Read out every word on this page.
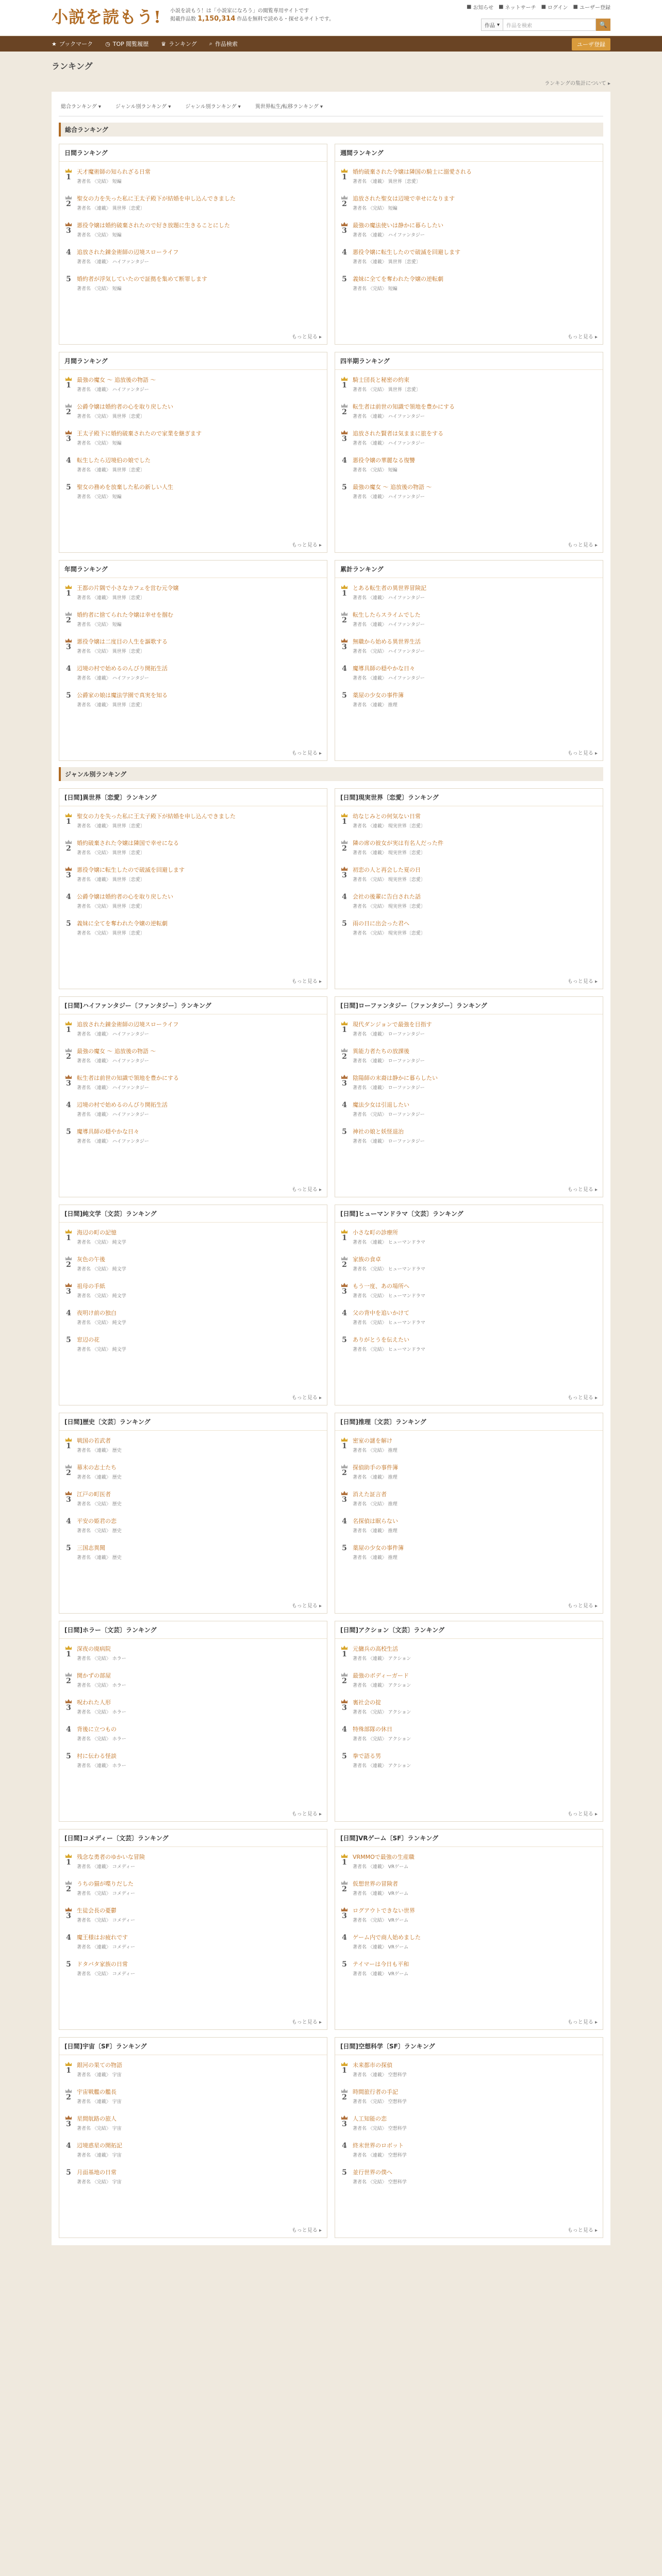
小説を読もう! 小説を読もう！は「小説家になろう」の閲覧専用サイトです
掲載作品数 1,150,314 作品を無料で読める・探せるサイトです。
■ お知らせ ■ ネットサーチ ■ ログイン ■ ユーザー登録
作品 ▾	作品を検索	🔍
★ ブックマーク ◷ TOP 閲覧履歴 ♛ ランキング ⌕ 作品検索	ユーザ登録
ランキング
ランキングの集計について ▸
総合ランキング ▾	ジャンル別ランキング ▾	ジャンル別ランキング ▾	異世界転生/転移ランキング ▾
総合ランキング
日間ランキング
1
天才魔術師の知られざる日常
著者名 〈完結〉 短編
2
聖女の力を失った私に王太子殿下が結婚を申し込んできました
著者名 〈連載〉 異世界〔恋愛〕
3
悪役令嬢は婚約破棄されたので好き放題に生きることにした
著者名 〈完結〉 短編
4 追放された錬金術師の辺境スローライフ
著者名 〈連載〉 ハイファンタジー
5 婚約者が浮気していたので証拠を集めて断罪します
著者名 〈完結〉 短編
もっと見る ▸
週間ランキング
1
婚約破棄された令嬢は隣国の騎士に溺愛される
著者名 〈連載〉 異世界〔恋愛〕
2
追放された聖女は辺境で幸せになります
著者名 〈完結〉 短編
3
最強の魔法使いは静かに暮らしたい
著者名 〈連載〉 ハイファンタジー
4 悪役令嬢に転生したので破滅を回避します
著者名 〈連載〉 異世界〔恋愛〕
5 義妹に全てを奪われた令嬢の逆転劇
著者名 〈完結〉 短編
もっと見る ▸
月間ランキング
1
最強の魔女 ～ 追放後の物語 ～
著者名 〈連載〉 ハイファンタジー
2
公爵令嬢は婚約者の心を取り戻したい
著者名 〈完結〉 異世界〔恋愛〕
3
王太子殿下に婚約破棄されたので家業を継ぎます
著者名 〈完結〉 短編
4 転生したら辺境伯の娘でした
著者名 〈連載〉 異世界〔恋愛〕
5 聖女の務めを放棄した私の新しい人生
著者名 〈完結〉 短編
もっと見る ▸
四半期ランキング
1
騎士団長と秘密の約束
著者名 〈完結〉 異世界〔恋愛〕
2
転生者は前世の知識で領地を豊かにする
著者名 〈連載〉 ハイファンタジー
3
追放された賢者は気ままに旅をする
著者名 〈連載〉 ハイファンタジー
4 悪役令嬢の華麗なる復讐
著者名 〈完結〉 短編
5 最強の魔女 ～ 追放後の物語 ～
著者名 〈連載〉 ハイファンタジー
もっと見る ▸
年間ランキング
1
王都の片隅で小さなカフェを営む元令嬢
著者名 〈連載〉 異世界〔恋愛〕
2
婚約者に捨てられた令嬢は幸せを掴む
著者名 〈完結〉 短編
3
悪役令嬢は二度目の人生を謳歌する
著者名 〈完結〉 異世界〔恋愛〕
4 辺境の村で始めるのんびり開拓生活
著者名 〈連載〉 ハイファンタジー
5 公爵家の娘は魔法学園で真実を知る
著者名 〈連載〉 異世界〔恋愛〕
もっと見る ▸
累計ランキング
1
とある転生者の異世界冒険記
著者名 〈連載〉 ハイファンタジー
2
転生したらスライムでした
著者名 〈連載〉 ハイファンタジー
3
無職から始める異世界生活
著者名 〈完結〉 ハイファンタジー
4 魔導具師の穏やかな日々
著者名 〈連載〉 ハイファンタジー
5 薬屋の少女の事件簿
著者名 〈連載〉 推理
もっと見る ▸
ジャンル別ランキング
[日間]異世界〔恋愛〕ランキング
1
聖女の力を失った私に王太子殿下が結婚を申し込んできました
著者名 〈連載〉 異世界〔恋愛〕
2
婚約破棄された令嬢は隣国で幸せになる
著者名 〈完結〉 異世界〔恋愛〕
3
悪役令嬢に転生したので破滅を回避します
著者名 〈連載〉 異世界〔恋愛〕
4 公爵令嬢は婚約者の心を取り戻したい
著者名 〈完結〉 異世界〔恋愛〕
5 義妹に全てを奪われた令嬢の逆転劇
著者名 〈完結〉 異世界〔恋愛〕
もっと見る ▸
[日間]現実世界〔恋愛〕ランキング
1
幼なじみとの何気ない日常
著者名 〈連載〉 現実世界〔恋愛〕
2
隣の席の彼女が実は有名人だった件
著者名 〈連載〉 現実世界〔恋愛〕
3
初恋の人と再会した夏の日
著者名 〈完結〉 現実世界〔恋愛〕
4 会社の後輩に告白された話
著者名 〈完結〉 現実世界〔恋愛〕
5 雨の日に出会った君へ
著者名 〈完結〉 現実世界〔恋愛〕
もっと見る ▸
[日間]ハイファンタジー〔ファンタジー〕ランキング
1
追放された錬金術師の辺境スローライフ
著者名 〈連載〉 ハイファンタジー
2
最強の魔女 ～ 追放後の物語 ～
著者名 〈連載〉 ハイファンタジー
3
転生者は前世の知識で領地を豊かにする
著者名 〈連載〉 ハイファンタジー
4 辺境の村で始めるのんびり開拓生活
著者名 〈連載〉 ハイファンタジー
5 魔導具師の穏やかな日々
著者名 〈連載〉 ハイファンタジー
もっと見る ▸
[日間]ローファンタジー〔ファンタジー〕ランキング
1
現代ダンジョンで最強を目指す
著者名 〈連載〉 ローファンタジー
2
異能力者たちの放課後
著者名 〈連載〉 ローファンタジー
3
陰陽師の末裔は静かに暮らしたい
著者名 〈連載〉 ローファンタジー
4 魔法少女は引退したい
著者名 〈完結〉 ローファンタジー
5 神社の娘と妖怪退治
著者名 〈連載〉 ローファンタジー
もっと見る ▸
[日間]純文学〔文芸〕ランキング
1
海辺の町の記憶
著者名 〈完結〉 純文学
2
灰色の午後
著者名 〈完結〉 純文学
3
祖母の手紙
著者名 〈完結〉 純文学
4 夜明け前の独白
著者名 〈完結〉 純文学
5 窓辺の花
著者名 〈完結〉 純文学
もっと見る ▸
[日間]ヒューマンドラマ〔文芸〕ランキング
1
小さな町の診療所
著者名 〈連載〉 ヒューマンドラマ
2
家族の食卓
著者名 〈完結〉 ヒューマンドラマ
3
もう一度、あの場所へ
著者名 〈完結〉 ヒューマンドラマ
4 父の背中を追いかけて
著者名 〈完結〉 ヒューマンドラマ
5 ありがとうを伝えたい
著者名 〈完結〉 ヒューマンドラマ
もっと見る ▸
[日間]歴史〔文芸〕ランキング
1
戦国の若武者
著者名 〈連載〉 歴史
2
幕末の志士たち
著者名 〈連載〉 歴史
3
江戸の町医者
著者名 〈完結〉 歴史
4 平安の姫君の恋
著者名 〈完結〉 歴史
5 三国志異聞
著者名 〈連載〉 歴史
もっと見る ▸
[日間]推理〔文芸〕ランキング
1
密室の謎を解け
著者名 〈完結〉 推理
2
探偵助手の事件簿
著者名 〈連載〉 推理
3
消えた証言者
著者名 〈完結〉 推理
4 名探偵は眠らない
著者名 〈連載〉 推理
5 薬屋の少女の事件簿
著者名 〈連載〉 推理
もっと見る ▸
[日間]ホラー〔文芸〕ランキング
1
深夜の廃病院
著者名 〈完結〉 ホラー
2
開かずの部屋
著者名 〈完結〉 ホラー
3
呪われた人形
著者名 〈完結〉 ホラー
4 背後に立つもの
著者名 〈完結〉 ホラー
5 村に伝わる怪談
著者名 〈連載〉 ホラー
もっと見る ▸
[日間]アクション〔文芸〕ランキング
1
元傭兵の高校生活
著者名 〈連載〉 アクション
2
最強のボディーガード
著者名 〈連載〉 アクション
3
裏社会の掟
著者名 〈完結〉 アクション
4 特殊部隊の休日
著者名 〈完結〉 アクション
5 拳で語る男
著者名 〈連載〉 アクション
もっと見る ▸
[日間]コメディー〔文芸〕ランキング
1
残念な勇者のゆかいな冒険
著者名 〈連載〉 コメディー
2
うちの猫が喋りだした
著者名 〈完結〉 コメディー
3
生徒会長の憂鬱
著者名 〈完結〉 コメディー
4 魔王様はお疲れです
著者名 〈連載〉 コメディー
5 ドタバタ家族の日常
著者名 〈完結〉 コメディー
もっと見る ▸
[日間]VRゲーム〔SF〕ランキング
1
VRMMOで最強の生産職
著者名 〈連載〉 VRゲーム
2
仮想世界の冒険者
著者名 〈連載〉 VRゲーム
3
ログアウトできない世界
著者名 〈完結〉 VRゲーム
4 ゲーム内で商人始めました
著者名 〈連載〉 VRゲーム
5 テイマーは今日も平和
著者名 〈連載〉 VRゲーム
もっと見る ▸
[日間]宇宙〔SF〕ランキング
1
銀河の果ての物語
著者名 〈連載〉 宇宙
2
宇宙戦艦の艦長
著者名 〈連載〉 宇宙
3
星間航路の旅人
著者名 〈完結〉 宇宙
4 辺境惑星の開拓記
著者名 〈連載〉 宇宙
5 月面基地の日常
著者名 〈完結〉 宇宙
もっと見る ▸
[日間]空想科学〔SF〕ランキング
1
未来都市の探偵
著者名 〈連載〉 空想科学
2
時間旅行者の手記
著者名 〈完結〉 空想科学
3
人工知能の恋
著者名 〈完結〉 空想科学
4 終末世界のロボット
著者名 〈連載〉 空想科学
5 並行世界の僕へ
著者名 〈完結〉 空想科学
もっと見る ▸
